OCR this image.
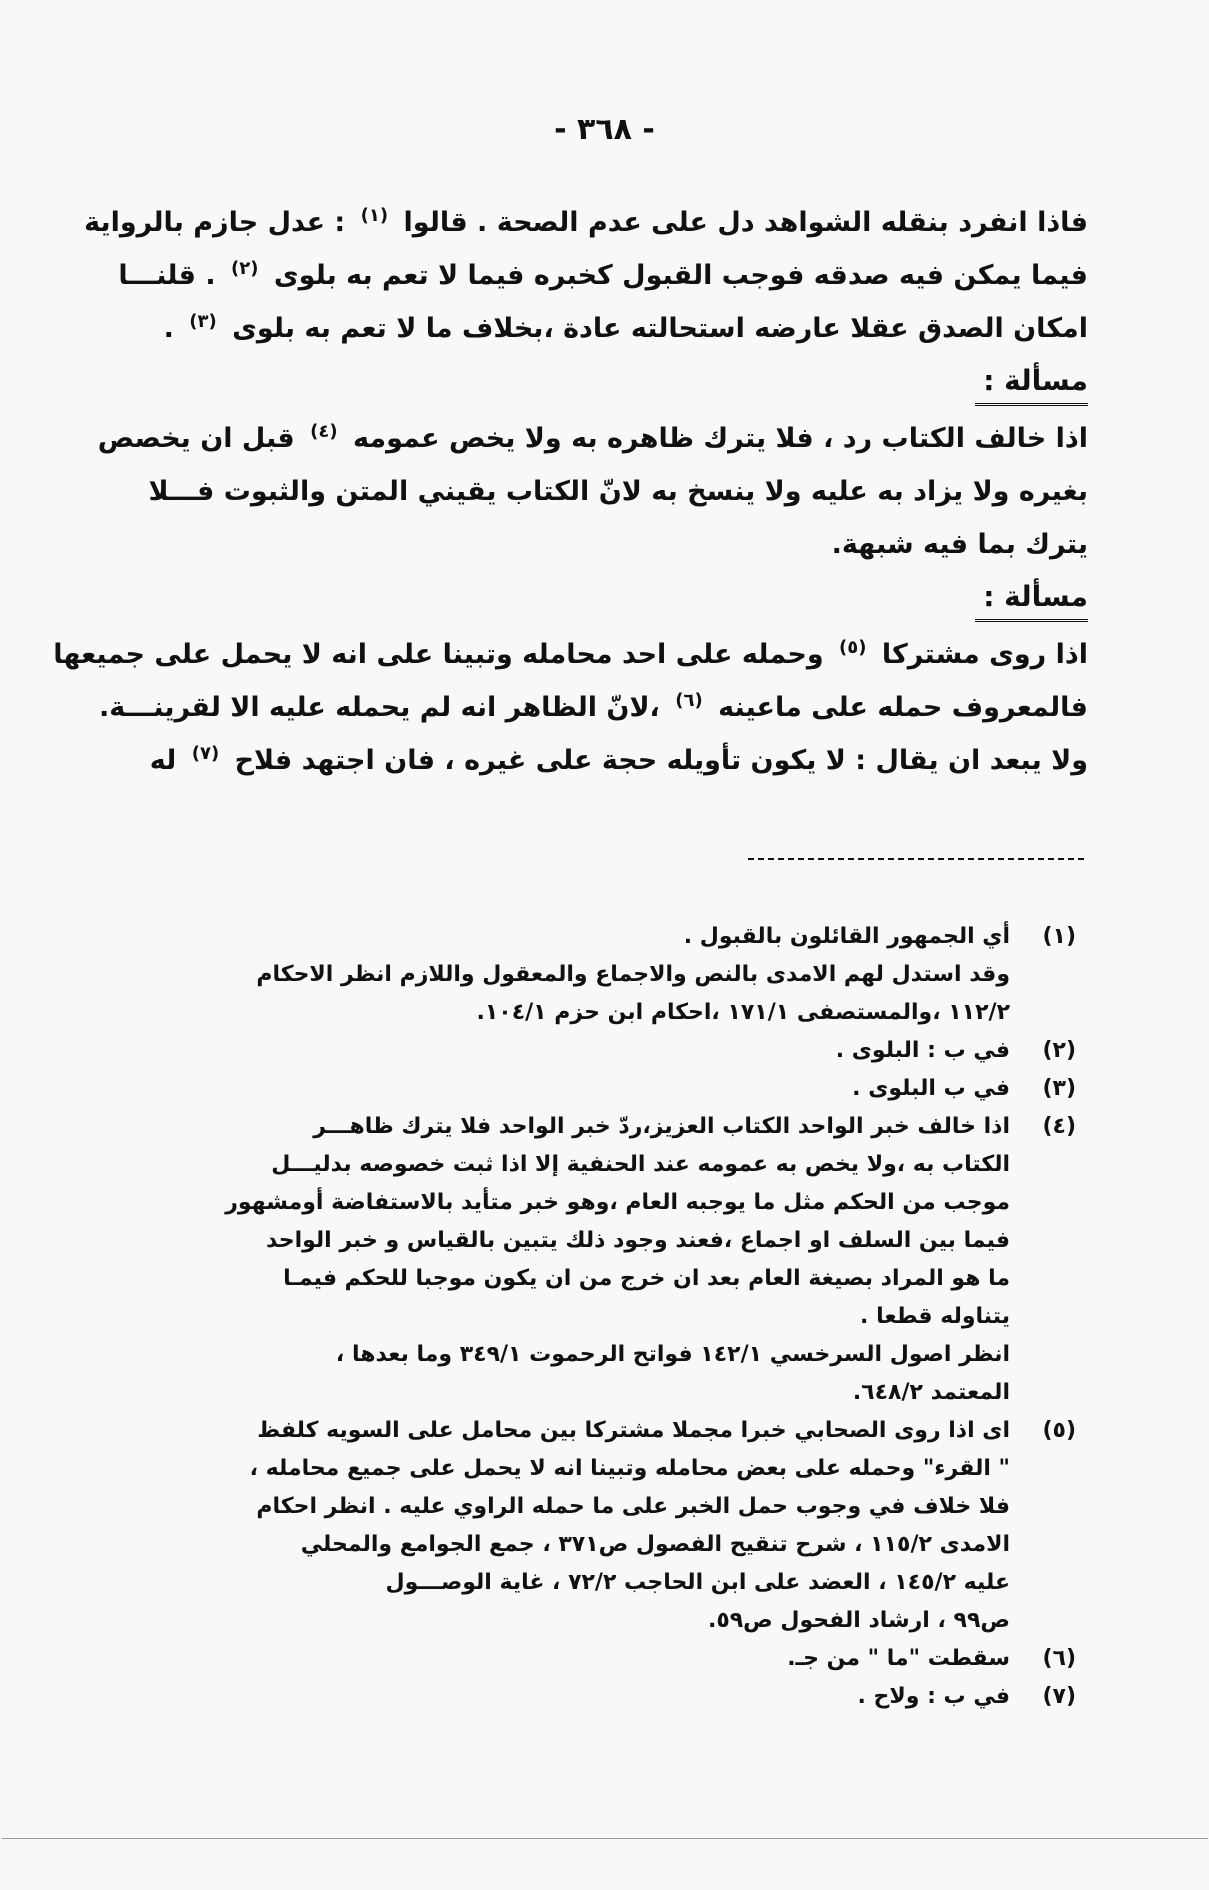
- ٣٦٨ -
فاذا انفرد بنقله الشواهد دل على عدم الصحة . قالوا $^{(١)}$ : عدل جازم بالرواية
فيما يمكن فيه صدقه فوجب القبول كخبره فيما لا تعم به بلوى $^{(٢)}$ . قلنـــا
امكان الصدق عقلا عارضه استحالته عادة ،بخلاف ما لا تعم به بلوى $^{(٣)}$ .
مسألة :
اذا خالف الكتاب رد ، فلا يترك ظاهره به ولا يخص عمومه $^{(٤)}$ قبل ان يخصص
بغيره ولا يزاد به عليه ولا ينسخ به لانّ الكتاب يقيني المتن والثبوت فـــلا
يترك بما فيه شبهة.
مسألة :
اذا روى مشتركا $^{(٥)}$ وحمله على احد محامله وتبينا على انه لا يحمل على جميعها
فالمعروف حمله على ماعينه $^{(٦)}$ ،لانّ الظاهر انه لم يحمله عليه الا لقرينـــة.
ولا يبعد ان يقال : لا يكون تأويله حجة على غيره ، فان اجتهد فلاح $^{(٧)}$ له
(١)
أي الجمهور القائلون بالقبول .
وقد استدل لهم الامدى بالنص والاجماع والمعقول واللازم انظر الاحكام
١١٢/٢ ،والمستصفى ١٧١/١ ،احكام ابن حزم ١٠٤/١.
(٢)
في ب : البلوى .
(٣)
في ب البلوى .
(٤)
اذا خالف خبر الواحد الكتاب العزيز،ردّ خبر الواحد فلا يترك ظاهـــر
الكتاب به ،ولا يخص به عمومه عند الحنفية إلا اذا ثبت خصوصه بدليـــل
موجب من الحكم مثل ما يوجبه العام ،وهو خبر متأيد بالاستفاضة أومشهور
فيما بين السلف او اجماع ،فعند وجود ذلك يتبين بالقياس و خبر الواحد
ما هو المراد بصيغة العام بعد ان خرج من ان يكون موجبا للحكم فيمـا
يتناوله قطعا .
انظر اصول السرخسي ١٤٢/١ فواتح الرحموت ٣٤٩/١ وما بعدها ،
المعتمد ٦٤٨/٢.
(٥)
اى اذا روى الصحابي خبرا مجملا مشتركا بين محامل على السويه كلفظ
" القرء" وحمله على بعض محامله وتبينا انه لا يحمل على جميع محامله ،
فلا خلاف في وجوب حمل الخبر على ما حمله الراوي عليه . انظر احكام
الامدى ١١٥/٢ ، شرح تنقيح الفصول ص٣٧١ ، جمع الجوامع والمحلي
عليه ١٤٥/٢ ، العضد على ابن الحاجب ٧٢/٢ ، غاية الوصـــول
ص٩٩ ، ارشاد الفحول ص٥٩.
(٦)
سقطت "ما " من جـ.
(٧)
في ب : ولاح .
